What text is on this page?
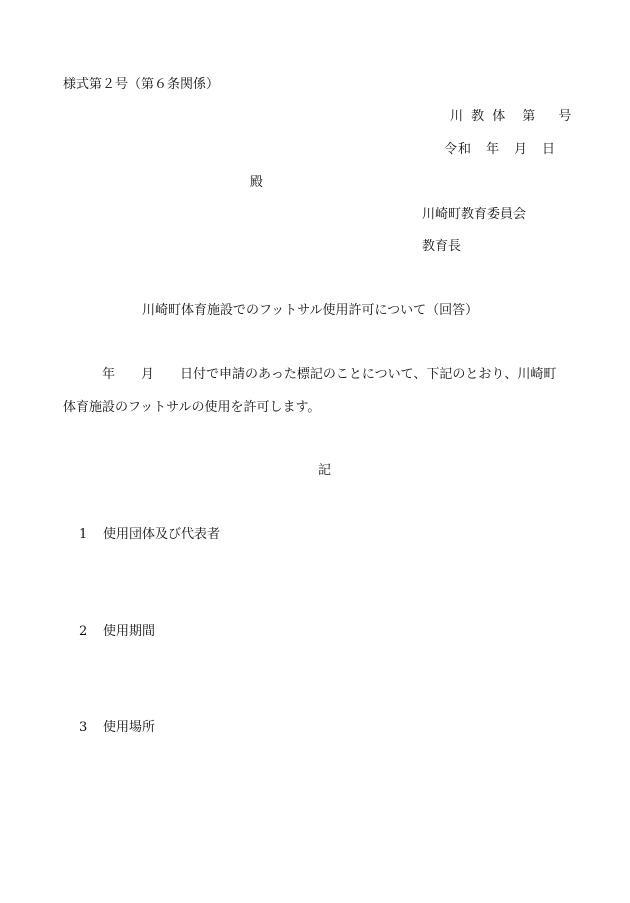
様式第２号（第６条関係）
川 教 体　第　 号
令和　年　月　日
殿
川崎町教育委員会
教育長
川崎町体育施設でのフットサル使用許可について（回答）
年　　月　　日付で申請のあった標記のことについて、下記のとおり、川崎町
体育施設のフットサルの使用を許可します。
記
1 使用団体及び代表者
2 使用期間
3 使用場所
